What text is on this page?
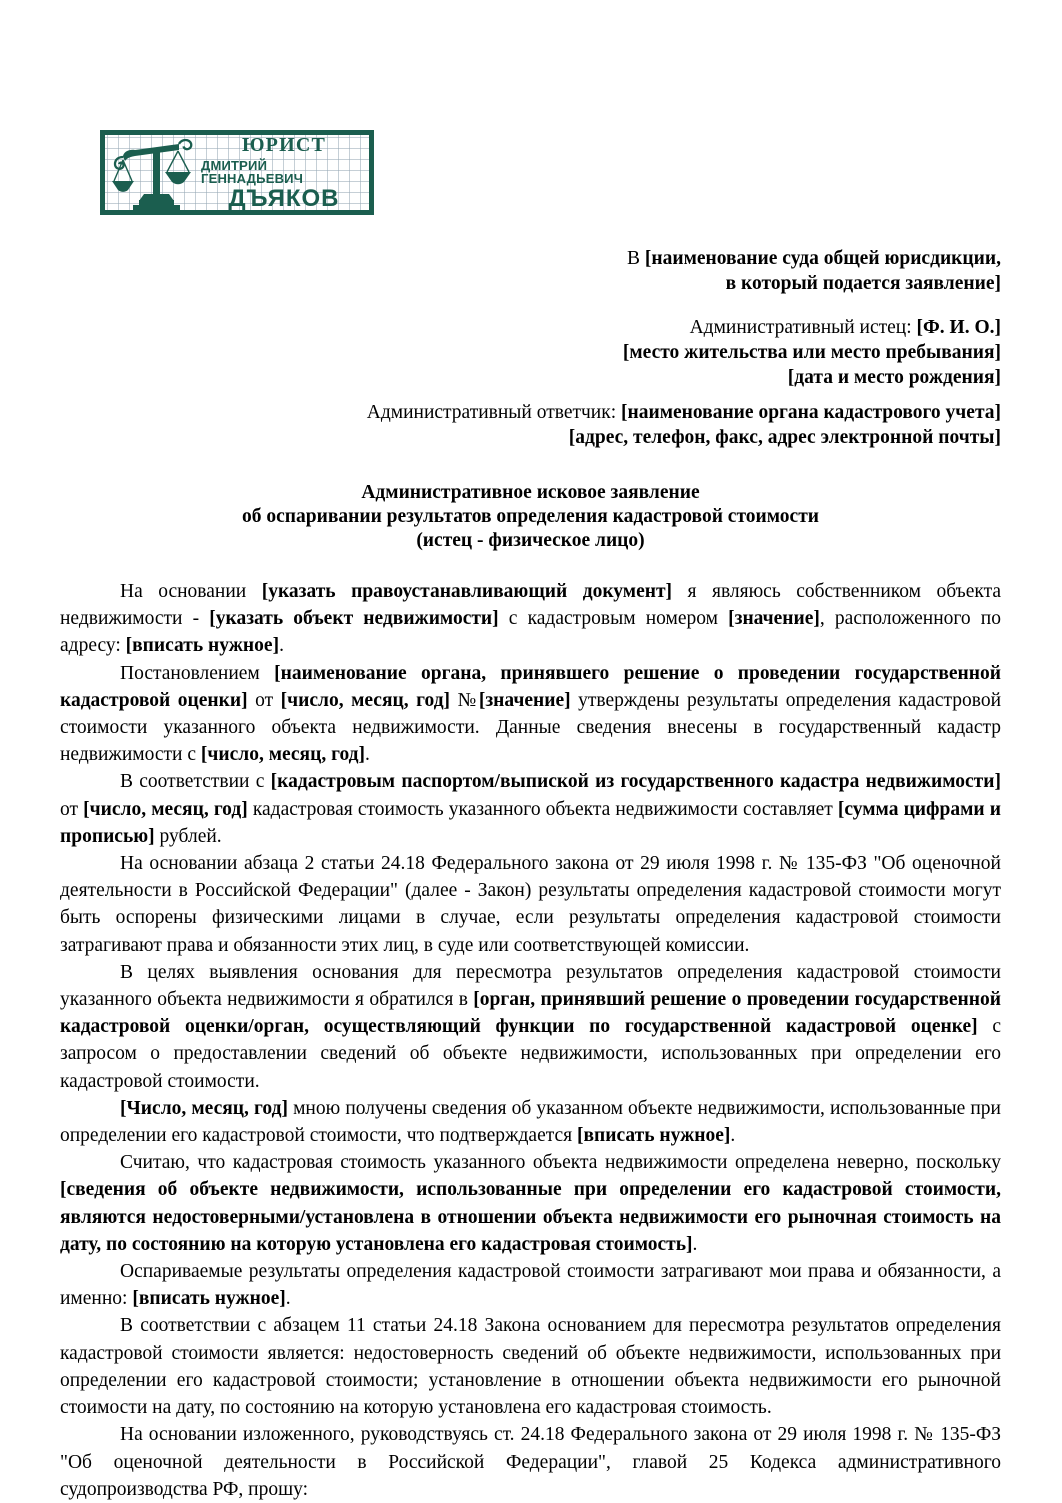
ЮРИСТ
ДМИТРИЙ ГЕННАДЬЕВИЧ
ДЪЯКОВ
В [наименование суда общей юрисдикции,
в который подается заявление]
Административный истец: [Ф. И. О.]
[место жительства или место пребывания]
[дата и место рождения]
Административный ответчик: [наименование органа кадастрового учета]
[адрес, телефон, факс, адрес электронной почты]
Административное исковое заявление
об оспаривании результатов определения кадастровой стоимости
(истец - физическое лицо)

На основании [указать правоустанавливающий документ] я являюсь собственником объекта недвижимости - [указать объект недвижимости] с кадастровым номером [значение], расположенного по адресу: [вписать нужное].

Постановлением [наименование органа, принявшего решение о проведении государственной кадастровой оценки] от [число, месяц, год] №[значение] утверждены результаты определения кадастровой стоимости указанного объекта недвижимости. Данные сведения внесены в государственный кадастр недвижимости с [число, месяц, год].

В соответствии с [кадастровым паспортом/выпиской из государственного кадастра недвижимости] от [число, месяц, год] кадастровая стоимость указанного объекта недвижимости составляет [сумма цифрами и прописью] рублей.

На основании абзаца 2 статьи 24.18 Федерального закона от 29 июля 1998 г. № 135-ФЗ "Об оценочной деятельности в Российской Федерации" (далее - Закон) результаты определения кадастровой стоимости могут быть оспорены физическими лицами в случае, если результаты определения кадастровой стоимости затрагивают права и обязанности этих лиц, в суде или соответствующей комиссии.

В целях выявления основания для пересмотра результатов определения кадастровой стоимости указанного объекта недвижимости я обратился в [орган, принявший решение о проведении государственной кадастровой оценки/орган, осуществляющий функции по государственной кадастровой оценке] с запросом о предоставлении сведений об объекте недвижимости, использованных при определении его кадастровой стоимости.

[Число, месяц, год] мною получены сведения об указанном объекте недвижимости, использованные при определении его кадастровой стоимости, что подтверждается [вписать нужное].

Считаю, что кадастровая стоимость указанного объекта недвижимости определена неверно, поскольку [сведения об объекте недвижимости, использованные при определении его кадастровой стоимости, являются недостоверными/установлена в отношении объекта недвижимости его рыночная стоимость на дату, по состоянию на которую установлена его кадастровая стоимость].

Оспариваемые результаты определения кадастровой стоимости затрагивают мои права и обязанности, а именно: [вписать нужное].

В соответствии с абзацем 11 статьи 24.18 Закона основанием для пересмотра результатов определения кадастровой стоимости является: недостоверность сведений об объекте недвижимости, использованных при определении его кадастровой стоимости; установление в отношении объекта недвижимости его рыночной стоимости на дату, по состоянию на которую установлена его кадастровая стоимость.

На основании изложенного, руководствуясь ст. 24.18 Федерального закона от 29 июля 1998 г. № 135-ФЗ "Об оценочной деятельности в Российской Федерации", главой 25 Кодекса административного судопроизводства РФ, прошу:
